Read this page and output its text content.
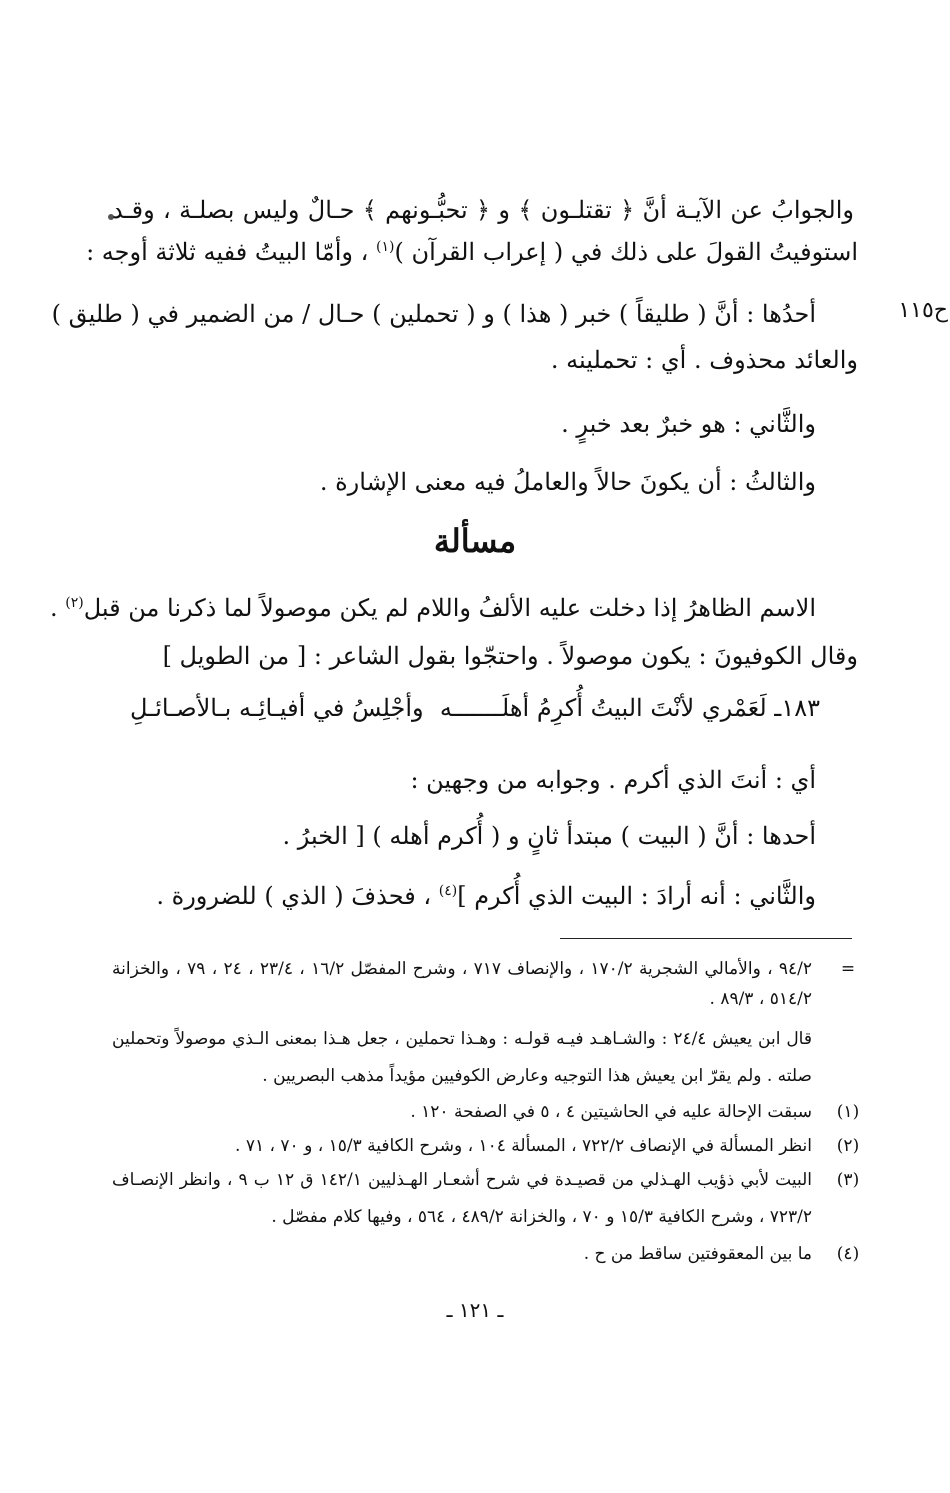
والجوابُ عن الآيـة أنَّ ﴿ تقتلـون ﴾ و ﴿ تحبُّـونهم ﴾ حـالٌ وليس بصلـة ، وقـد
استوفيتُ القولَ على ذلك في ( إعراب القرآن )$^{(١)}$ ، وأمّا البيتُ ففيه ثلاثة أوجه :
ح١١٥
أحدُها : أنَّ ( طليقاً ) خبر ( هذا ) و ( تحملين ) حـال / من الضمير في ( طليق )
والعائد محذوف . أي : تحملينه .
والثَّاني : هو خبرٌ بعد خبرٍ .
والثالثُ : أن يكونَ حالاً والعاملُ فيه معنى الإشارة .
مسألة
الاسم الظاهرُ إذا دخلت عليه الألفُ واللام لم يكن موصولاً لما ذكرنا من قبل$^{(٢)}$ .
وقال الكوفيونَ : يكون موصولاً . واحتجّوا بقول الشاعر : [ من الطويل ]
١٨٣ـ لَعَمْري لأنْتَ البيتُ أُكرِمُ أهلَـــــــه
وأجْلِسُ في أفيـائِـه بـالأصـائـلِ
أي : أنتَ الذي أكرم . وجوابه من وجهين :
أحدها : أنَّ ( البيت ) مبتدأ ثانٍ و ( أُكرم أهله ) [ الخبرُ .
والثَّاني : أنه أرادَ : البيت الذي أُكرم ]$^{(٤)}$ ، فحذفَ ( الذي ) للضرورة .
=
٩٤/٢ ، والأمالي الشجرية ١٧٠/٢ ، والإنصاف ٧١٧ ، وشرح المفصّل ١٦/٢ ، ٢٣/٤ ، ٢٤ ، ٧٩ ، والخزانة
٥١٤/٢ ، ٨٩/٣ .
قال ابن يعيش ٢٤/٤ : والشـاهـد فيـه قولـه : وهـذا تحملين ، جعل هـذا بمعنى الـذي موصولاً وتحملين
صلته . ولم يقرّ ابن يعيش هذا التوجيه وعارض الكوفيين مؤيداً مذهب البصريين .
(١)
سبقت الإحالة عليه في الحاشيتين ٤ ، ٥ في الصفحة ١٢٠ .
(٢)
انظر المسألة في الإنصاف ٧٢٢/٢ ، المسألة ١٠٤ ، وشرح الكافية ١٥/٣ ، و ٧٠ ، ٧١ .
(٣)
البيت لأبي ذؤيب الهـذلي من قصيـدة في شرح أشعـار الهـذليين ١٤٢/١ ق ١٢ ب ٩ ، وانظر الإنصـاف
٧٢٣/٢ ، وشرح الكافية ١٥/٣ و ٧٠ ، والخزانة ٤٨٩/٢ ، ٥٦٤ ، وفيها كلام مفصّل .
(٤)
ما بين المعقوفتين ساقط من ح .
ـ ١٢١ ـ
